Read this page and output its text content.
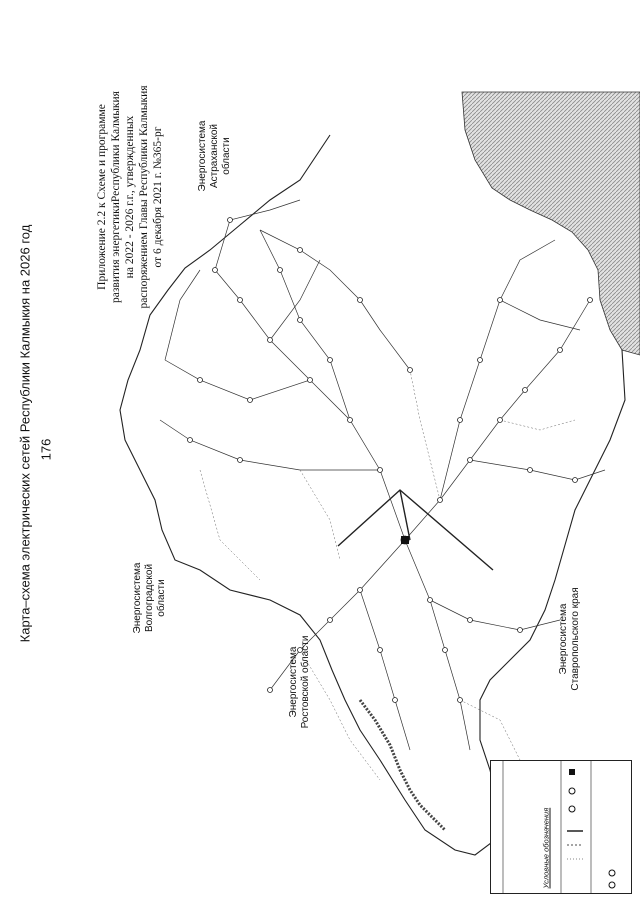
176
Карта–схема электрических сетей Республики Калмыкия на 2026 год
Приложение 2.2 к Схеме и программе развития энергетикиРеспублики Калмыкия на 2022 - 2026 г.г., утвержденных распоряжением Главы Республики Калмыкия от 6 декабря 2021 г. №365-рг
Энергосистема Волгоградской области
Энергосистема Ростовской области	Энергосистема Ставропольского края
Энергосистема Астраханской области
Условные обозначения
